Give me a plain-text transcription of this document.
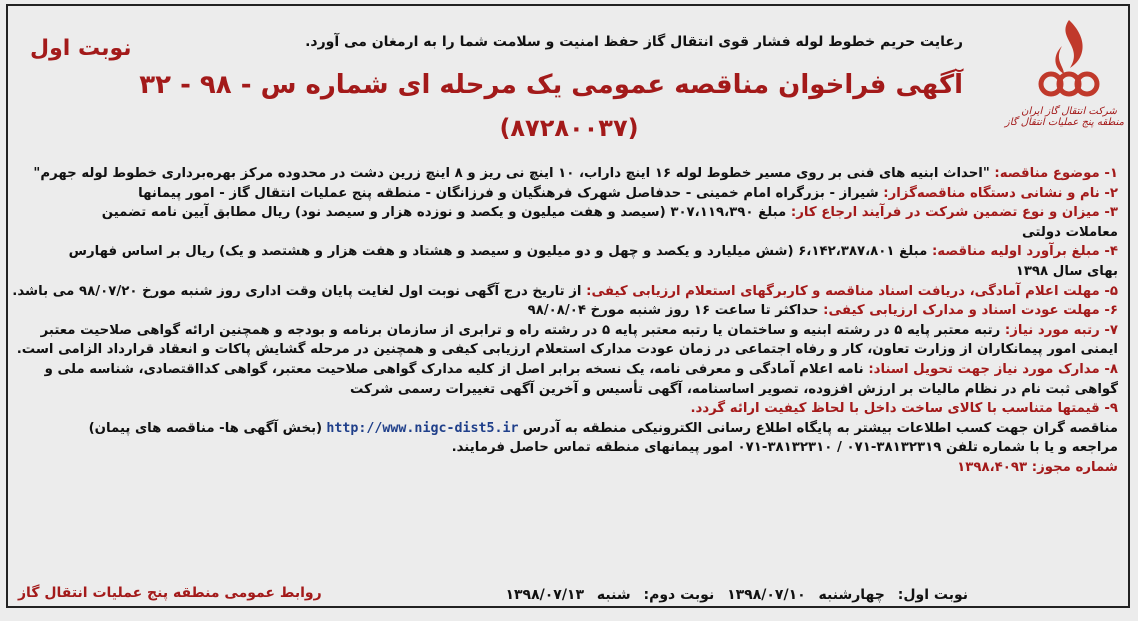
شرکت انتقال گاز ایران
منطقه پنج عملیات انتقال گاز
رعایت حریم خطوط لوله فشار قوی انتقال گاز حفظ امنیت و سلامت شما را به ارمغان می آورد.
نوبت اول
آگهی فراخوان مناقصه عمومی یک مرحله ای شماره س - ۹۸ - ۳۲
(۸۷۲۸۰۰۳۷)
۱- موضوع مناقصه: "احداث ابنیه های فنی بر روی مسیر خطوط لوله ۱۶ اینچ داراب، ۱۰ اینچ نی ریز و ۸ اینچ زرین دشت در محدوده مرکز بهره‌برداری خطوط لوله جهرم"
۲- نام و نشانی دستگاه مناقصه‌گزار: شیراز - بزرگراه امام خمینی - حدفاصل شهرک فرهنگیان و فرزانگان - منطقه پنج عملیات انتقال گاز - امور پیمانها
۳- میزان و نوع تضمین شرکت در فرآیند ارجاع کار: مبلغ ۳۰۷،۱۱۹،۳۹۰ (سیصد و هفت میلیون و یکصد و نوزده هزار و سیصد نود) ریال مطابق آیین نامه تضمین
معاملات دولتی
۴- مبلغ برآورد اولیه مناقصه: مبلغ ۶،۱۴۲،۳۸۷،۸۰۱ (شش میلیارد و یکصد و چهل و دو میلیون و سیصد و هشتاد و هفت هزار و هشتصد و یک) ریال بر اساس فهارس
بهای سال ۱۳۹۸
۵- مهلت اعلام آمادگی، دریافت اسناد مناقصه و کاربرگهای استعلام ارزیابی کیفی: از تاریخ درج آگهی نوبت اول لغایت پایان وقت اداری روز شنبه مورخ ۹۸/۰۷/۲۰ می باشد.
۶- مهلت عودت اسناد و مدارک ارزیابی کیفی: حداکثر تا ساعت ۱۶ روز شنبه مورخ ۹۸/۰۸/۰۴
۷- رتبه مورد نیاز: رتبه معتبر پایه ۵ در رشته ابنیه و ساختمان یا رتبه معتبر پایه ۵ در رشته راه و ترابری از سازمان برنامه و بودجه و همچنین ارائه گواهی صلاحیت معتبر
ایمنی امور پیمانکاران از وزارت تعاون، کار و رفاه اجتماعی در زمان عودت مدارک استعلام ارزیابی کیفی و همچنین در مرحله گشایش پاکات و انعقاد قرارداد الزامی است.
۸- مدارک مورد نیاز جهت تحویل اسناد: نامه اعلام آمادگی و معرفی نامه، یک نسخه برابر اصل از کلیه مدارک گواهی صلاحیت معتبر، گواهی کدااقتصادی، شناسه ملی و
گواهی ثبت نام در نظام مالیات بر ارزش افزوده، تصویر اساسنامه، آگهی تأسیس و آخرین آگهی تغییرات رسمی شرکت
۹- قیمتها متناسب با کالای ساخت داخل با لحاظ کیفیت ارائه گردد.
مناقصه گران جهت کسب اطلاعات بیشتر به پایگاه اطلاع رسانی الکترونیکی منطقه به آدرس http://www.nigc-dist5.ir (بخش آگهی ها- مناقصه های پیمان)
مراجعه و یا با شماره تلفن ۳۸۱۳۲۳۱۹-۰۷۱ / ۳۸۱۳۲۳۱۰-۰۷۱ امور پیمانهای منطقه تماس حاصل فرمایند.
شماره مجوز: ۱۳۹۸،۴۰۹۳
نوبت اول: چهارشنبه ۱۳۹۸/۰۷/۱۰ نوبت دوم: شنبه ۱۳۹۸/۰۷/۱۳
روابط عمومی منطقه پنج عملیات انتقال گاز
